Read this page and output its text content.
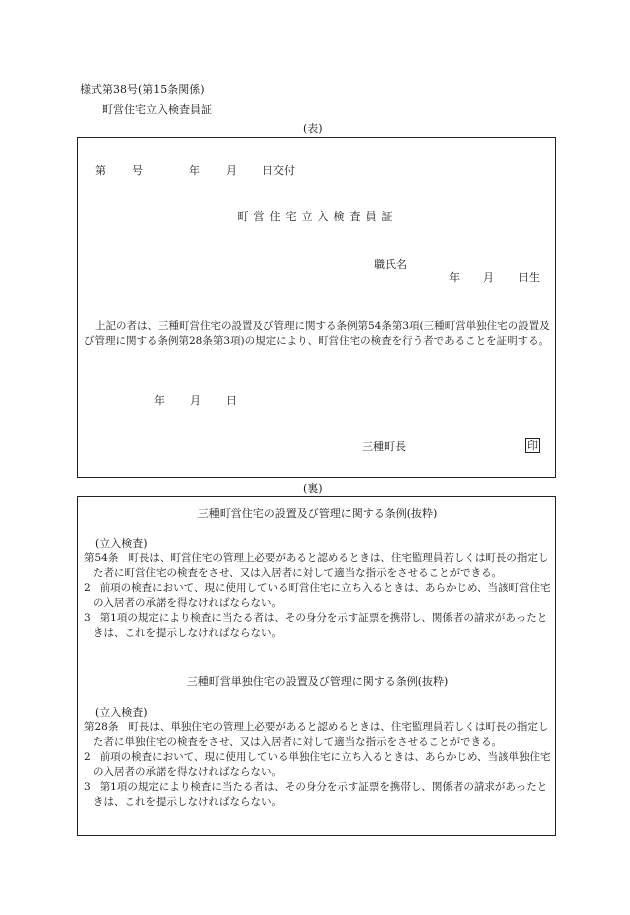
様式第38号(第15条関係)
町営住宅立入検査員証
(表)
第 号	年 月 日交付
町営住宅立入検査員証
職氏名
年 月 日生
上記の者は、三種町営住宅の設置及び管理に関する条例第54条第3項(三種町営単独住宅の設置及び管理に関する条例第28条第3項)の規定により、町営住宅の検査を行う者であることを証明する。
年 月 日
三種町長	印
(裏)
三種町営住宅の設置及び管理に関する条例(抜粋)
(立入検査)
第54条 町長は、町営住宅の管理上必要があると認めるときは、住宅監理員若しくは町長の指定した者に町営住宅の検査をさせ、又は入居者に対して適当な指示をさせることができる。
2 前項の検査において、現に使用している町営住宅に立ち入るときは、あらかじめ、当該町営住宅の入居者の承諾を得なければならない。
3 第1項の規定により検査に当たる者は、その身分を示す証票を携帯し、関係者の請求があったときは、これを提示しなければならない。
三種町営単独住宅の設置及び管理に関する条例(抜粋)
(立入検査)
第28条 町長は、単独住宅の管理上必要があると認めるときは、住宅監理員若しくは町長の指定した者に単独住宅の検査をさせ、又は入居者に対して適当な指示をさせることができる。
2 前項の検査において、現に使用している単独住宅に立ち入るときは、あらかじめ、当該単独住宅の入居者の承諾を得なければならない。
3 第1項の規定により検査に当たる者は、その身分を示す証票を携帯し、関係者の請求があったときは、これを提示しなければならない。
